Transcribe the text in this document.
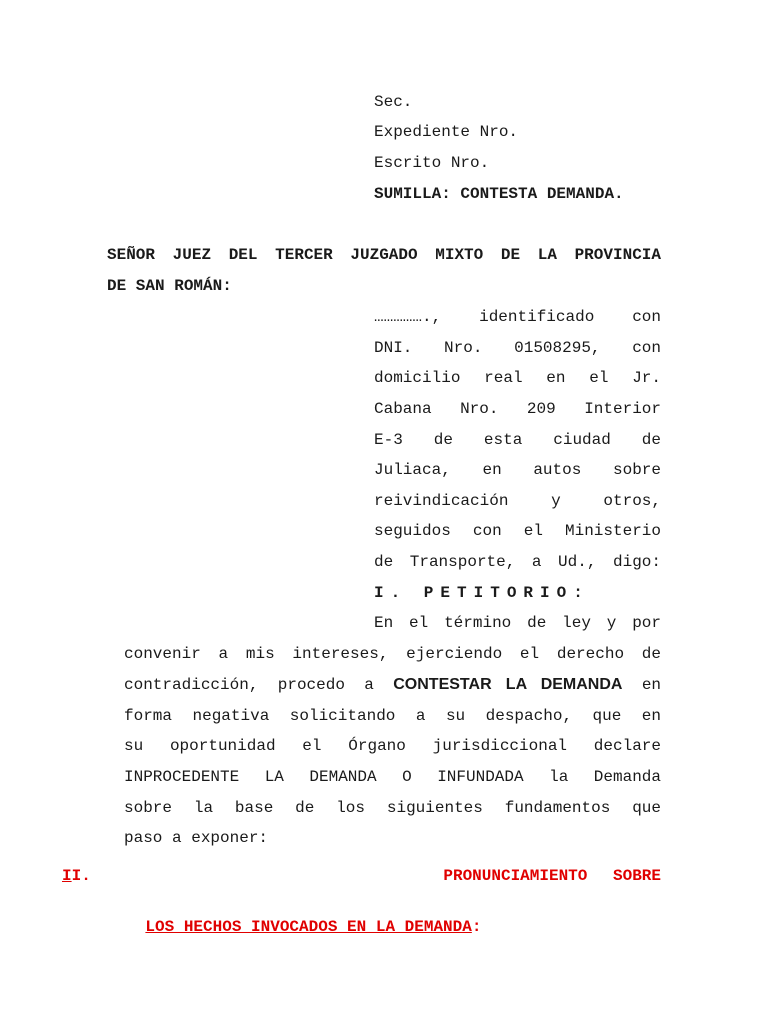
Sec.
Expediente Nro.
Escrito Nro.
SUMILLA: CONTESTA DEMANDA.
SEÑOR JUEZ DEL TERCER JUZGADO MIXTO DE LA PROVINCIA
DE SAN ROMÁN:
……………., identificado con
DNI. Nro. 01508295, con
domicilio real en el Jr.
Cabana Nro. 209 Interior
E-3 de esta ciudad de
Juliaca, en autos sobre
reivindicación y otros,
seguidos con el Ministerio
de Transporte, a Ud., digo:
I. PETITORIO:
En el término de ley y por
convenir a mis intereses, ejerciendo el derecho de
contradicción, procedo a CONTESTAR LA DEMANDA en
forma negativa solicitando a su despacho, que en
su oportunidad el Órgano jurisdiccional declare
INPROCEDENTE LA DEMANDA O INFUNDADA la Demanda
sobre la base de los siguientes fundamentos que
paso a exponer:

II.	PRONUNCIAMIENTO SOBRE

LOS HECHOS INVOCADOS EN LA DEMANDA:
